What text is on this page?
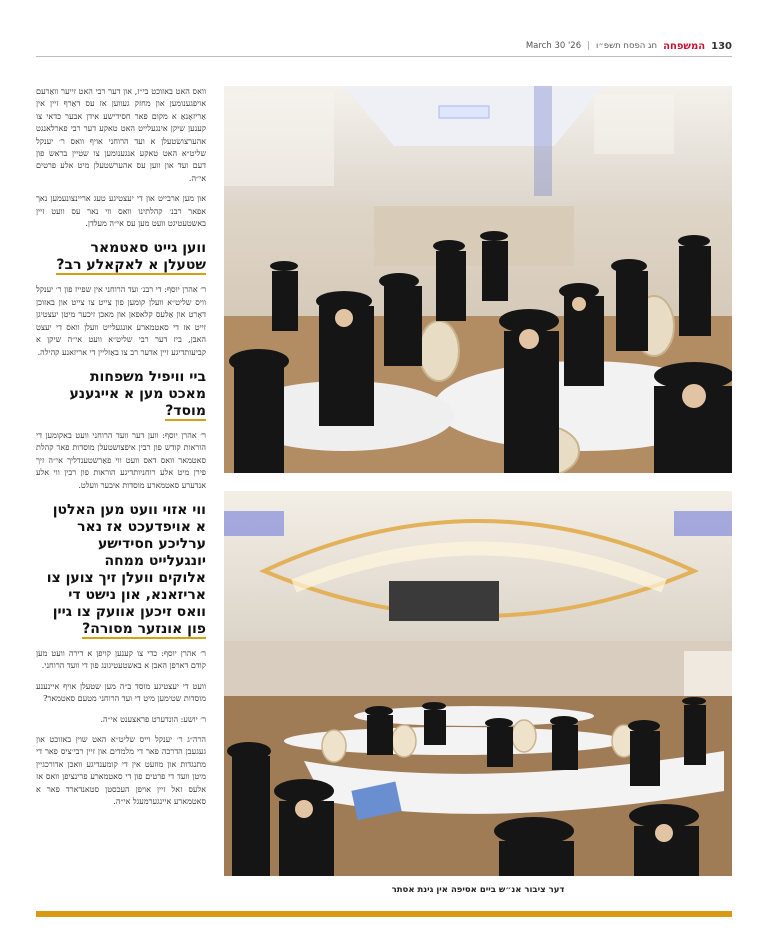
March 30 '26 | חג הפסח תשפ״ו המשפחה 130

וואס האט באזוכט בי״ז, און דער רבי האט זייער וואַרעם אויפגענומען און מחזק געווען אז עס דאַרף זיין אין אַריזאָנאַ א מקום פאר חסידישע אידן אבער כדאי צו קענען שיקן אינגעלייט האט טאקע דער רבי פארלאנגט אהערצושטעלן א ועד הרוחני אויף וואס ר׳ יענקל שליט״א האט טאקע אנגענומען צו שטיין בראש פון דעם ועד און ווען עס אהערשטעלן מיט אלע פרטים אי״ה.

און מען ארבייט און די יעצטיגע טעג אריינצונעמען נאך אפאר רבנ׳ קהלתינו וואס ווי נאר עס וועט זיין באשטעטיגט וועט מען עס אי״ה מעלדן.

ווען גייט סאטמאר
שטעלן א לאקאלע רב?

ר׳ אהרן יוסף: די רבנ׳ ועד הרוחני אין שפייז פון ר׳ יענקל וויס שליט״א וועלן קומען פון צייט צו צייט און באזוכן דאָרט און אַלעס קלאפאן און מאכן זיכער מיטן יעצטיגן זייט אז די סאטמארע אונגעלייט וועלן וואס די יעצט האבן, ביז דער רבי שליט״א וועט אי״ה שיקן א קביעותדיגע זיין אדער רב צו באַזליין די אריזאנע קהילה.

ביי וויפיל משפחות
מאכט מען א אייגענע
מוסד?

ר׳ אהרן יוסף: ווען דער וועד הרוחני וועט באקומען די הוראות קודש פון רבין איפצושטעלן מוסדות פאר קהלת סאטמאר וואס דאס וועט ווי פאַרשטענדליך אי״ה זיך פירן מיט אלע רוחניותדיגע הוראות פון רבין ווי אלע אנדערע סאטמארע מוסדות איבער וועלט.

ווי אזוי וועט מען האלטן
א אויפדעכט אז נאר
ערליכע חסידישע
יונגעלייט ממחה
אלוקים וועלן זיך צוען צו
אריזאנא, און נישט די
וואס זיכען אוועק צו גיין
פון אונזער מסורה?

ר׳ אהרן יוסף: כדי צו קענען קויפן א דירה וועט מען קודם דארפן האבן א באשטעטיגונג פון די וועד הרוחני.

וועט די יעצטיגע מוסד ב״ה מען שטעלן אויף איינענע מוסדות שטימען מיט די ועד הרוחני מטעם סאטמאר?

ר׳ יושע: הונדערט פראצענט אי״ה.

הרה״ג ר׳ יענקל וייס שליט״א האט שוין באזוכט און געגעבן הדרכה פאר די מלמדים און זיין רבי׳ציס פאר די מתנגדות און מוזעט אין די קומענדיגע וואכן אדורכגיין מיטן וועד די פרטים פון די סאטמארע פרינציפן וואס אז אלעס זאל זיין אויפן העכסטן סטאנדארד פאר א סאטמארע איינגערמעגל אי״ה.

דער ציבור אנ״ש ביים אסיפה אין גינת אסתר
